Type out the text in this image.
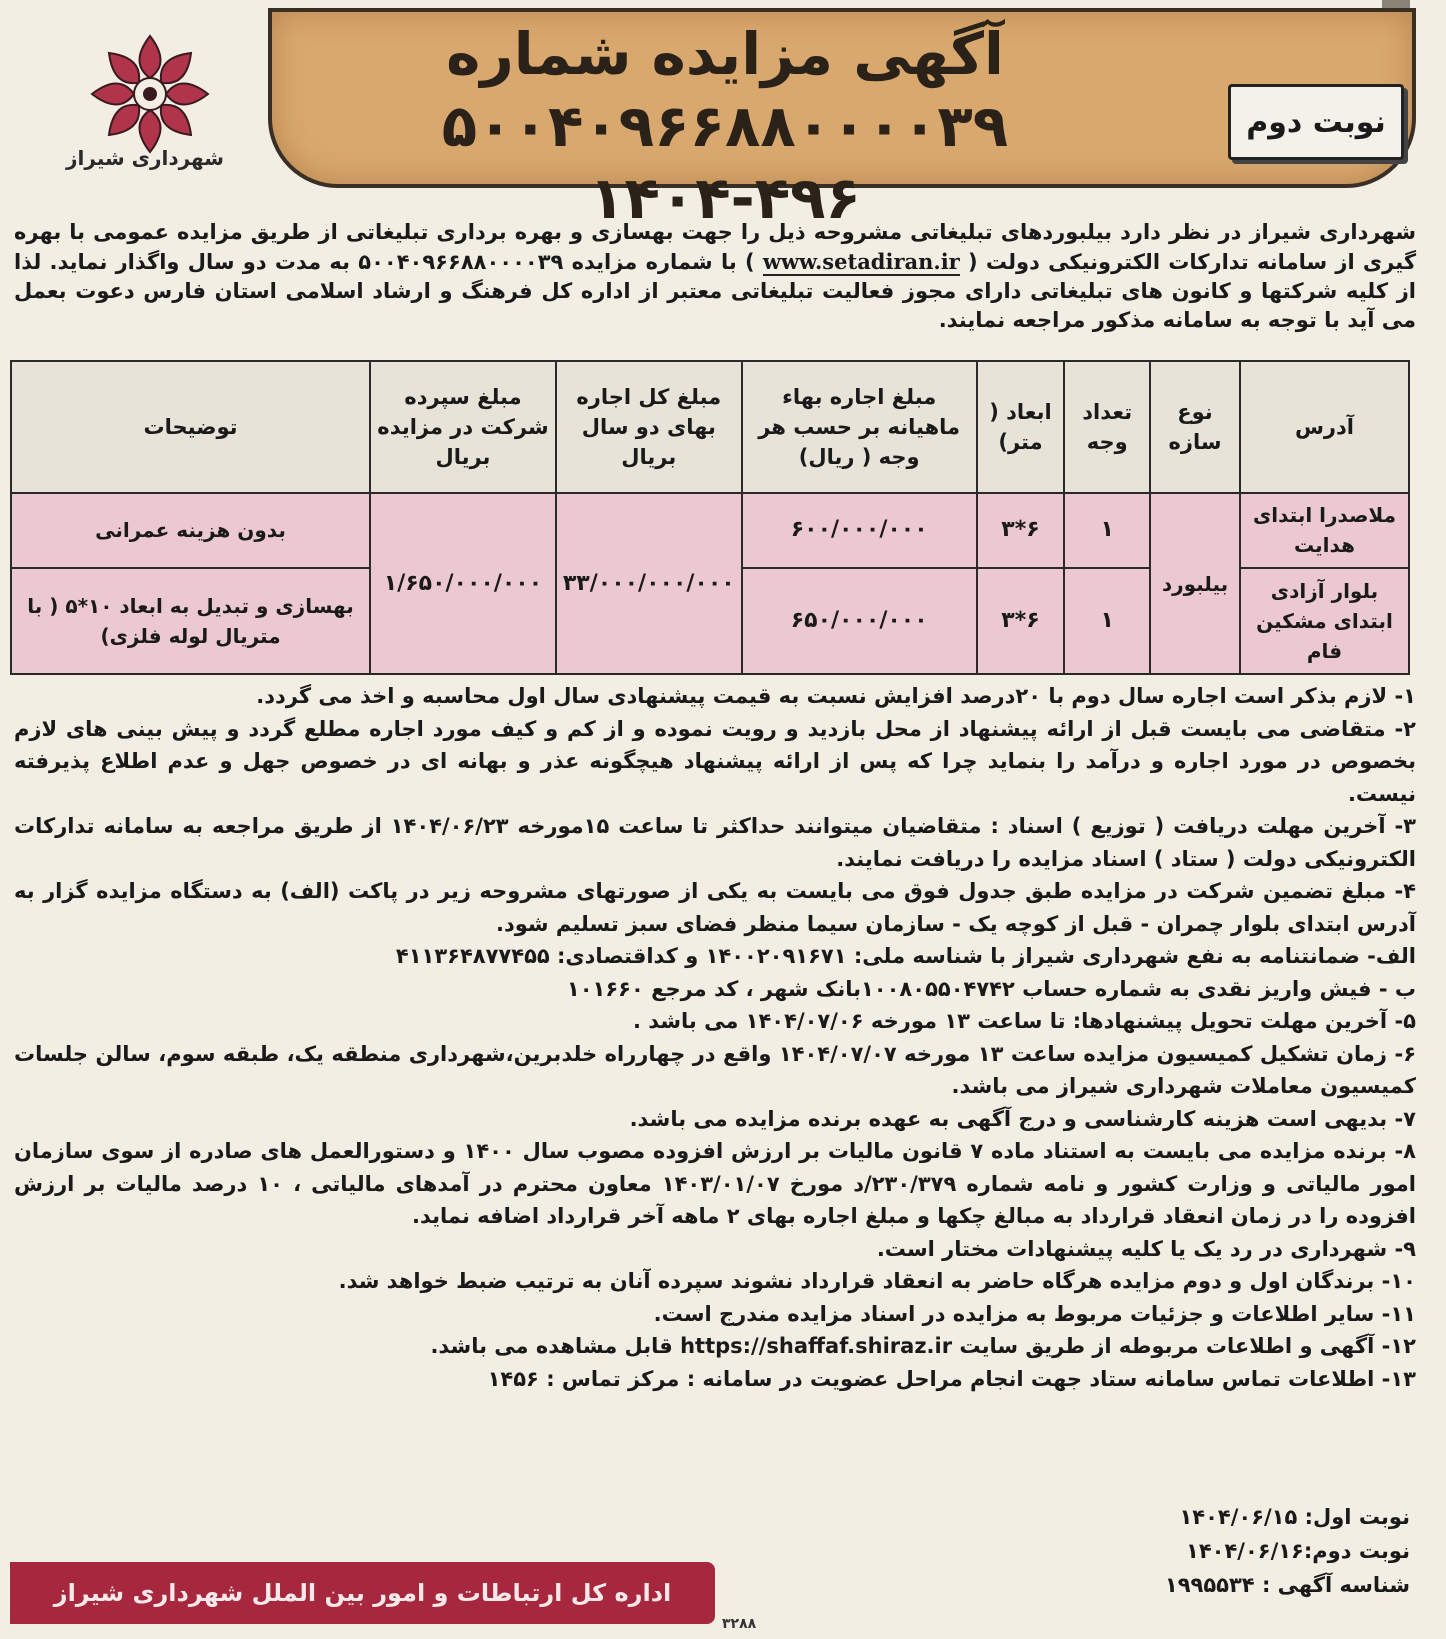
آگهی مزایده شماره ۵۰۰۴۰۹۶۶۸۸۰۰۰۰۳۹
۱۴۰۴-۴۹۶
نوبت دوم
شهرداری شیراز
شهرداری شیراز در نظر دارد بیلبوردهای تبلیغاتی مشروحه ذیل را جهت بهسازی و بهره برداری تبلیغاتی از طریق مزایده عمومی با بهره گیری از سامانه تدارکات الکترونیکی دولت ( www.setadiran.ir ) با شماره مزایده ۵۰۰۴۰۹۶۶۸۸۰۰۰۰۳۹ به مدت دو سال واگذار نماید. لذا از کلیه شرکتها و کانون های تبلیغاتی دارای مجوز فعالیت تبلیغاتی معتبر از اداره کل فرهنگ و ارشاد اسلامی استان فارس دعوت بعمل می آید با توجه به سامانه مذکور مراجعه نمایند.
آدرس	نوع سازه	تعداد وجه	ابعاد ( متر)	مبلغ اجاره بهاء ماهیانه بر حسب هر وجه ( ریال)	مبلغ کل اجاره بهای دو سال بریال	مبلغ سپرده شرکت در مزایده بریال	توضیحات
ملاصدرا ابتدای هدایت	بیلبورد	۱	۶*۳	۶۰۰/۰۰۰/۰۰۰	۳۳/۰۰۰/۰۰۰/۰۰۰	۱/۶۵۰/۰۰۰/۰۰۰	بدون هزینه عمرانی
بلوار آزادی ابتدای مشکین فام		۱	۶*۳	۶۵۰/۰۰۰/۰۰۰			بهسازی و تبدیل به ابعاد ۱۰*۵ ( با متریال لوله فلزی)

۱- لازم بذکر است اجاره سال دوم با ۲۰درصد افزایش نسبت به قیمت پیشنهادی سال اول محاسبه و اخذ می گردد.

۲- متقاضی می بایست قبل از ارائه پیشنهاد از محل بازدید و رویت نموده و از کم و کیف مورد اجاره مطلع گردد و پیش بینی های لازم بخصوص در مورد اجاره و درآمد را بنماید چرا که پس از ارائه پیشنهاد هیچگونه عذر و بهانه ای در خصوص جهل و عدم اطلاع پذیرفته نیست.

۳- آخرین مهلت دریافت ( توزیع ) اسناد : متقاضیان میتوانند حداکثر تا ساعت ۱۵مورخه ۱۴۰۴/۰۶/۲۳ از طریق مراجعه به سامانه تدارکات الکترونیکی دولت ( ستاد ) اسناد مزایده را دریافت نمایند.

۴- مبلغ تضمین شرکت در مزایده طبق جدول فوق می بایست به یکی از صورتهای مشروحه زیر در پاکت (الف) به دستگاه مزایده گزار به آدرس ابتدای بلوار چمران - قبل از کوچه یک - سازمان سیما منظر فضای سبز تسلیم شود.

الف- ضمانتنامه به نفع شهرداری شیراز با شناسه ملی: ۱۴۰۰۲۰۹۱۶۷۱ و کداقتصادی: ۴۱۱۳۶۴۸۷۷۴۵۵

ب - فیش واریز نقدی به شماره حساب ۱۰۰۸۰۵۵۰۴۷۴۲بانک شهر ، کد مرجع ۱۰۱۶۶۰

۵- آخرین مهلت تحویل پیشنهادها: تا ساعت ۱۳ مورخه ۱۴۰۴/۰۷/۰۶ می باشد .

۶- زمان تشکیل کمیسیون مزایده ساعت ۱۳ مورخه ۱۴۰۴/۰۷/۰۷ واقع در چهارراه خلدبرین،شهرداری منطقه یک، طبقه سوم، سالن جلسات کمیسیون معاملات شهرداری شیراز می باشد.

۷- بدیهی است هزینه کارشناسی و درج آگهی به عهده برنده مزایده می باشد.

۸- برنده مزایده می بایست به استناد ماده ۷ قانون مالیات بر ارزش افزوده مصوب سال ۱۴۰۰ و دستورالعمل های صادره از سوی سازمان امور مالیاتی و وزارت کشور و نامه شماره ۲۳۰/۳۷۹/د مورخ ۱۴۰۳/۰۱/۰۷ معاون محترم در آمدهای مالیاتی ، ۱۰ درصد مالیات بر ارزش افزوده را در زمان انعقاد قرارداد به مبالغ چکها و مبلغ اجاره بهای ۲ ماهه آخر قرارداد اضافه نماید.

۹- شهرداری در رد یک یا کلیه پیشنهادات مختار است.

۱۰- برندگان اول و دوم مزایده هرگاه حاضر به انعقاد قرارداد نشوند سپرده آنان به ترتیب ضبط خواهد شد.

۱۱- سایر اطلاعات و جزئیات مربوط به مزایده در اسناد مزایده مندرج است.

۱۲- آگهی و اطلاعات مربوطه از طریق سایت https://shaffaf.shiraz.ir قابل مشاهده می باشد.

۱۳- اطلاعات تماس سامانه ستاد جهت انجام مراحل عضویت در سامانه : مرکز تماس : ۱۴۵۶

نوبت اول: ۱۴۰۴/۰۶/۱۵

نوبت دوم:۱۴۰۴/۰۶/۱۶

شناسه آگهی : ۱۹۹۵۵۳۴

اداره کل ارتباطات و امور بین الملل شهرداری شیراز
۳۲۸۸
